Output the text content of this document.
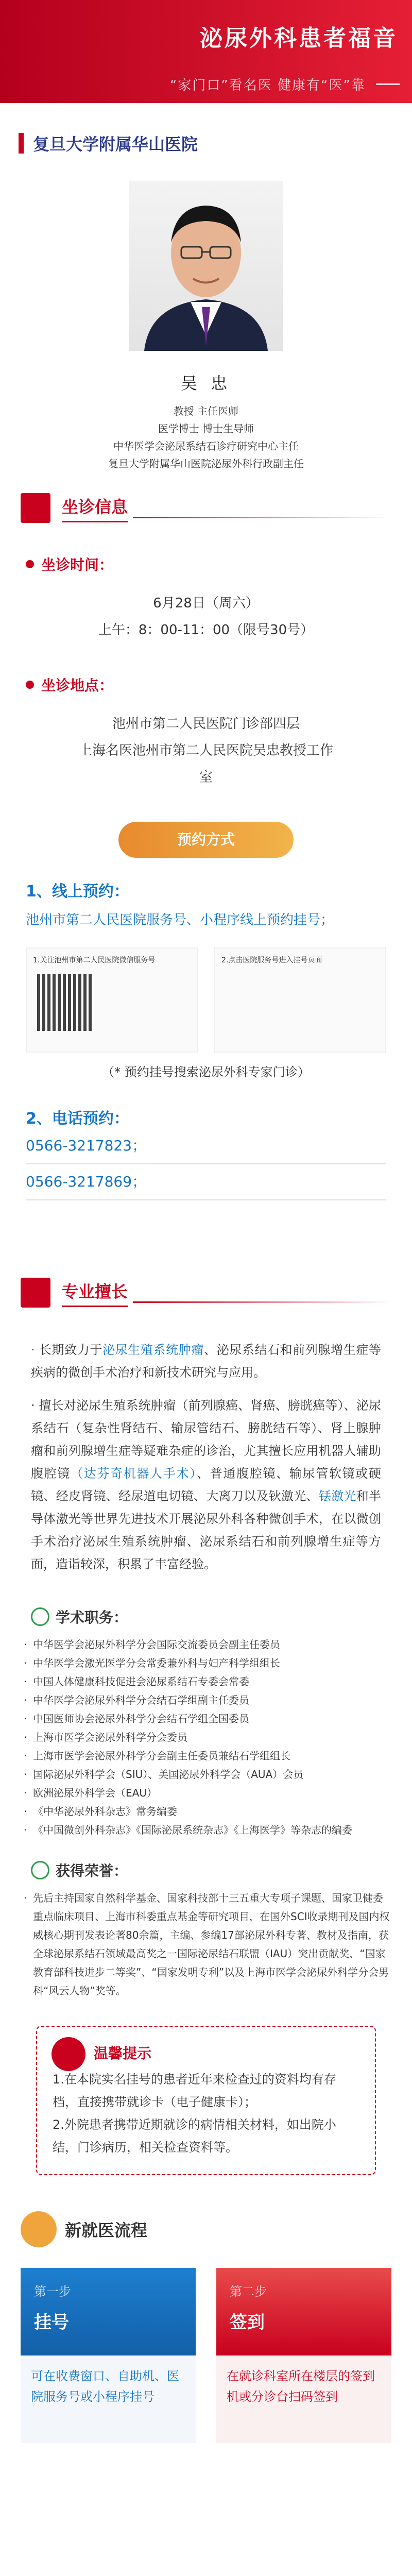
泌尿外科患者福音
“家门口”看名医 健康有“医”靠
复旦大学附属华山医院
吴 忠
教授 主任医师
医学博士 博士生导师
中华医学会泌尿系结石诊疗研究中心主任
复旦大学附属华山医院泌尿外科行政副主任
坐诊信息
坐诊时间：
6月28日（周六）
上午：8：00-11：00（限号30号）
坐诊地点：
池州市第二人民医院门诊部四层
上海名医池州市第二人民医院吴忠教授工作
室
预约方式
1、线上预约：
池州市第二人民医院服务号、小程序线上预约挂号；
1.关注池州市第二人民医院微信服务号	2.点击医院服务号进入挂号页面
（* 预约挂号搜索泌尿外科专家门诊）
2、电话预约：
0566-3217823；
0566-3217869；
专业擅长
· 长期致力于泌尿生殖系统肿瘤、泌尿系结石和前列腺增生症等疾病的微创手术治疗和新技术研究与应用。
· 擅长对泌尿生殖系统肿瘤（前列腺癌、肾癌、膀胱癌等）、泌尿系结石（复杂性肾结石、输尿管结石、膀胱结石等）、肾上腺肿瘤和前列腺增生症等疑难杂症的诊治，尤其擅长应用机器人辅助腹腔镜（达芬奇机器人手术）、普通腹腔镜、输尿管软镜或硬镜、经皮肾镜、经尿道电切镜、大离刀以及钬激光、铥激光和半导体激光等世界先进技术开展泌尿外科各种微创手术，在以微创手术治疗泌尿生殖系统肿瘤、泌尿系结石和前列腺增生症等方面，造诣较深，积累了丰富经验。
学术职务：
· 中华医学会泌尿外科学分会国际交流委员会副主任委员
· 中华医学会激光医学分会常委兼外科与妇产科学组组长
· 中国人体健康科技促进会泌尿系结石专委会常委
· 中华医学会泌尿外科学分会结石学组副主任委员
· 中国医师协会泌尿外科学分会结石学组全国委员
· 上海市医学会泌尿外科学分会委员
· 上海市医学会泌尿外科学分会副主任委员兼结石学组组长
· 国际泌尿外科学会（SIU）、美国泌尿外科学会（AUA）会员
· 欧洲泌尿外科学会（EAU）
· 《中华泌尿外科杂志》常务编委
· 《中国微创外科杂志》《国际泌尿系统杂志》《上海医学》等杂志的编委
获得荣誉：
· 先后主持国家自然科学基金、国家科技部十三五重大专项子课题、国家卫健委重点临床项目、上海市科委重点基金等研究项目，在国外SCI收录期刊及国内权威核心期刊发表论著80余篇，主编、参编17部泌尿外科专著、教材及指南，获全球泌尿系结石领域最高奖之一国际泌尿结石联盟（IAU）突出贡献奖、“国家教育部科技进步二等奖”、“国家发明专利”以及上海市医学会泌尿外科学分会男科“风云人物”奖等。
温馨提示
1.在本院实名挂号的患者近年来检查过的资料均有存档，直接携带就诊卡（电子健康卡）；
2.外院患者携带近期就诊的病情相关材料，如出院小结，门诊病历，相关检查资料等。
新就医流程
第一步
挂号
可在收费窗口、自助机、医院服务号或小程序挂号
第二步
签到
在就诊科室所在楼层的签到机或分诊台扫码签到
